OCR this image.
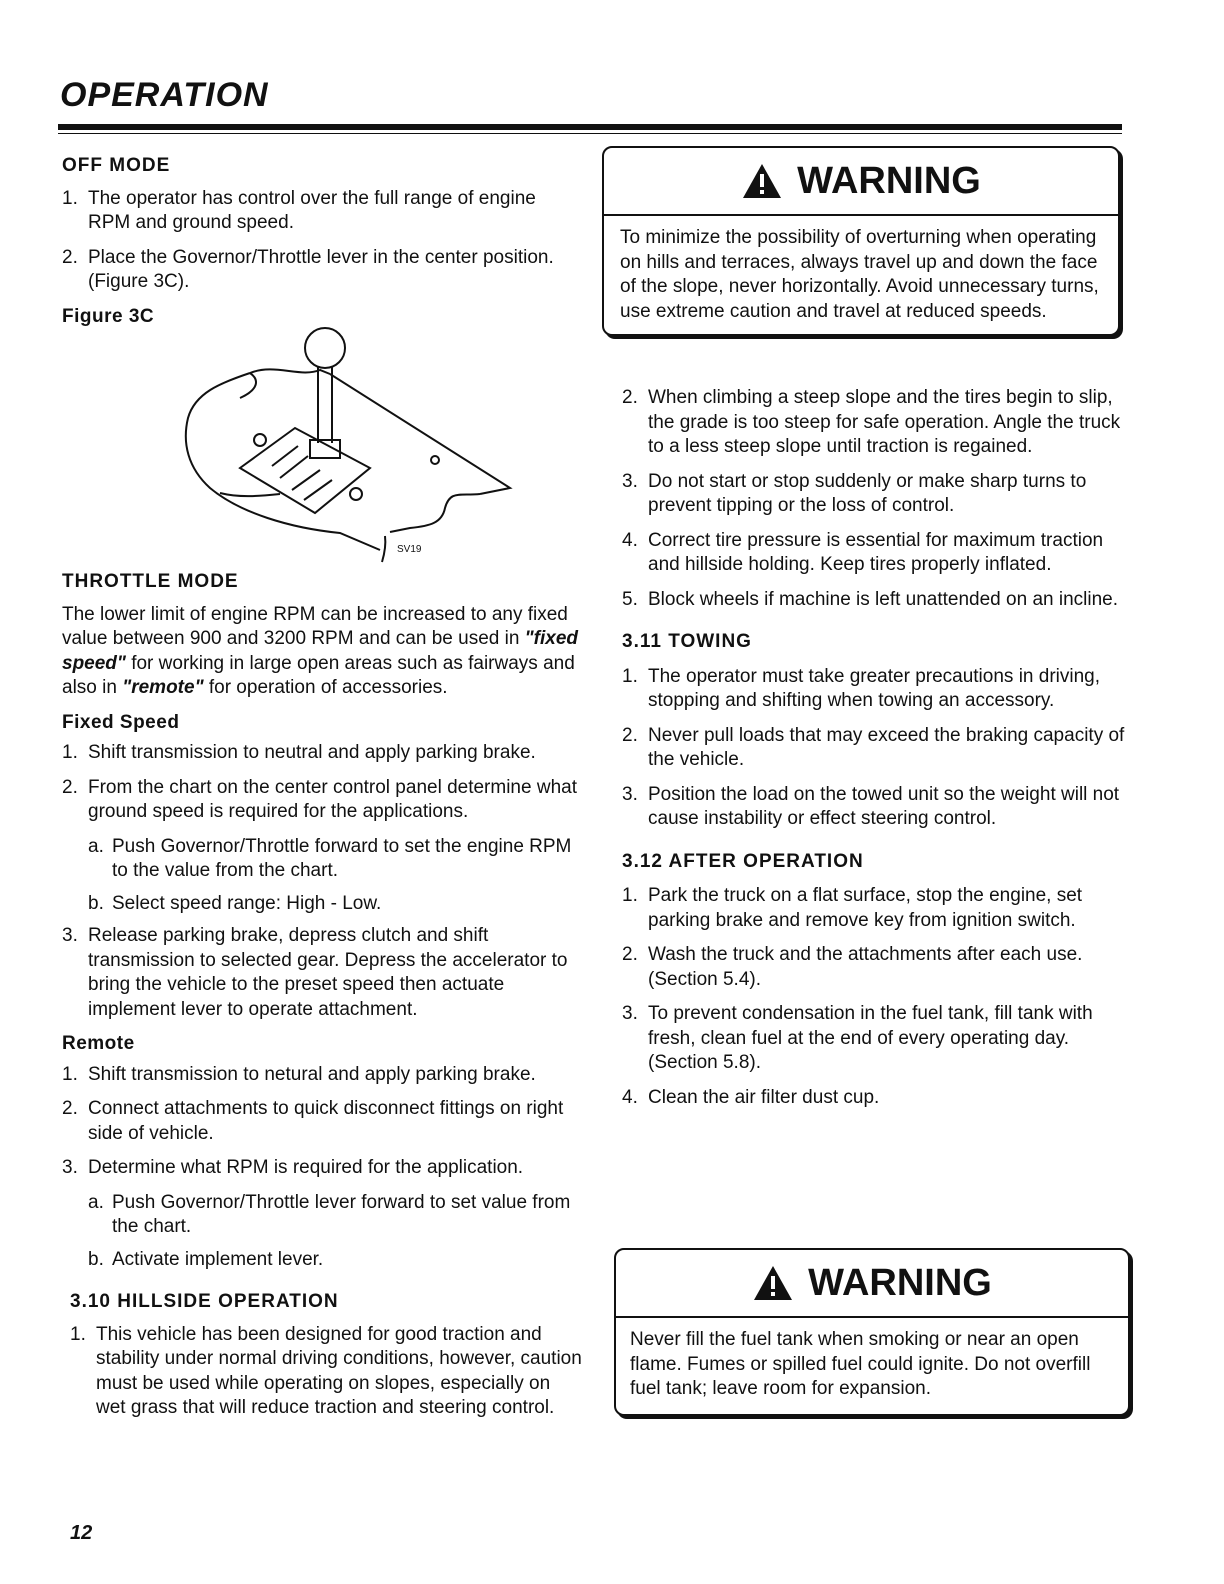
OPERATION
OFF MODE
1. The operator has control over the full range of engine RPM and ground speed.
2. Place the Governor/Throttle lever in the center position. (Figure 3C).
Figure 3C
SV19
THROTTLE MODE
The lower limit of engine RPM can be increased to any fixed value between 900 and 3200 RPM and can be used in "fixed speed" for working in large open areas such as fairways and also in "remote" for operation of accessories.
Fixed Speed
1. Shift transmission to neutral and apply parking brake.
2. From the chart on the center control panel determine what ground speed is required for the applications.
a. Push Governor/Throttle forward to set the engine RPM to the value from the chart.
b. Select speed range: High - Low.
3. Release parking brake, depress clutch and shift transmission to selected gear. Depress the accelerator to bring the vehicle to the preset speed then actuate implement lever to operate attachment.
Remote
1. Shift transmission to netural and apply parking brake.
2. Connect attachments to quick disconnect fittings on right side of vehicle.
3. Determine what RPM is required for the application.
a. Push Governor/Throttle lever forward to set value from the chart.
b. Activate implement lever.
3.10 HILLSIDE OPERATION
1. This vehicle has been designed for good traction and stability under normal driving conditions, however, caution must be used while operating on slopes, especially on wet grass that will reduce traction and steering control.
WARNING
To minimize the possibility of overturning when operating on hills and terraces, always travel up and down the face of the slope, never horizontally. Avoid unnecessary turns, use extreme caution and travel at reduced speeds.
2. When climbing a steep slope and the tires begin to slip, the grade is too steep for safe operation. Angle the truck to a less steep slope until traction is regained.
3. Do not start or stop suddenly or make sharp turns to prevent tipping or the loss of control.
4. Correct tire pressure is essential for maximum traction and hillside holding. Keep tires properly inflated.
5. Block wheels if machine is left unattended on an incline.
3.11 TOWING
1. The operator must take greater precautions in driving, stopping and shifting when towing an accessory.
2. Never pull loads that may exceed the braking capacity of the vehicle.
3. Position the load on the towed unit so the weight will not cause instability or effect steering control.
3.12 AFTER OPERATION
1. Park the truck on a flat surface, stop the engine, set parking brake and remove key from ignition switch.
2. Wash the truck and the attachments after each use. (Section 5.4).
3. To prevent condensation in the fuel tank, fill tank with fresh, clean fuel at the end of every operating day. (Section 5.8).
4. Clean the air filter dust cup.
WARNING
Never fill the fuel tank when smoking or near an open flame. Fumes or spilled fuel could ignite. Do not overfill fuel tank; leave room for expansion.
12
